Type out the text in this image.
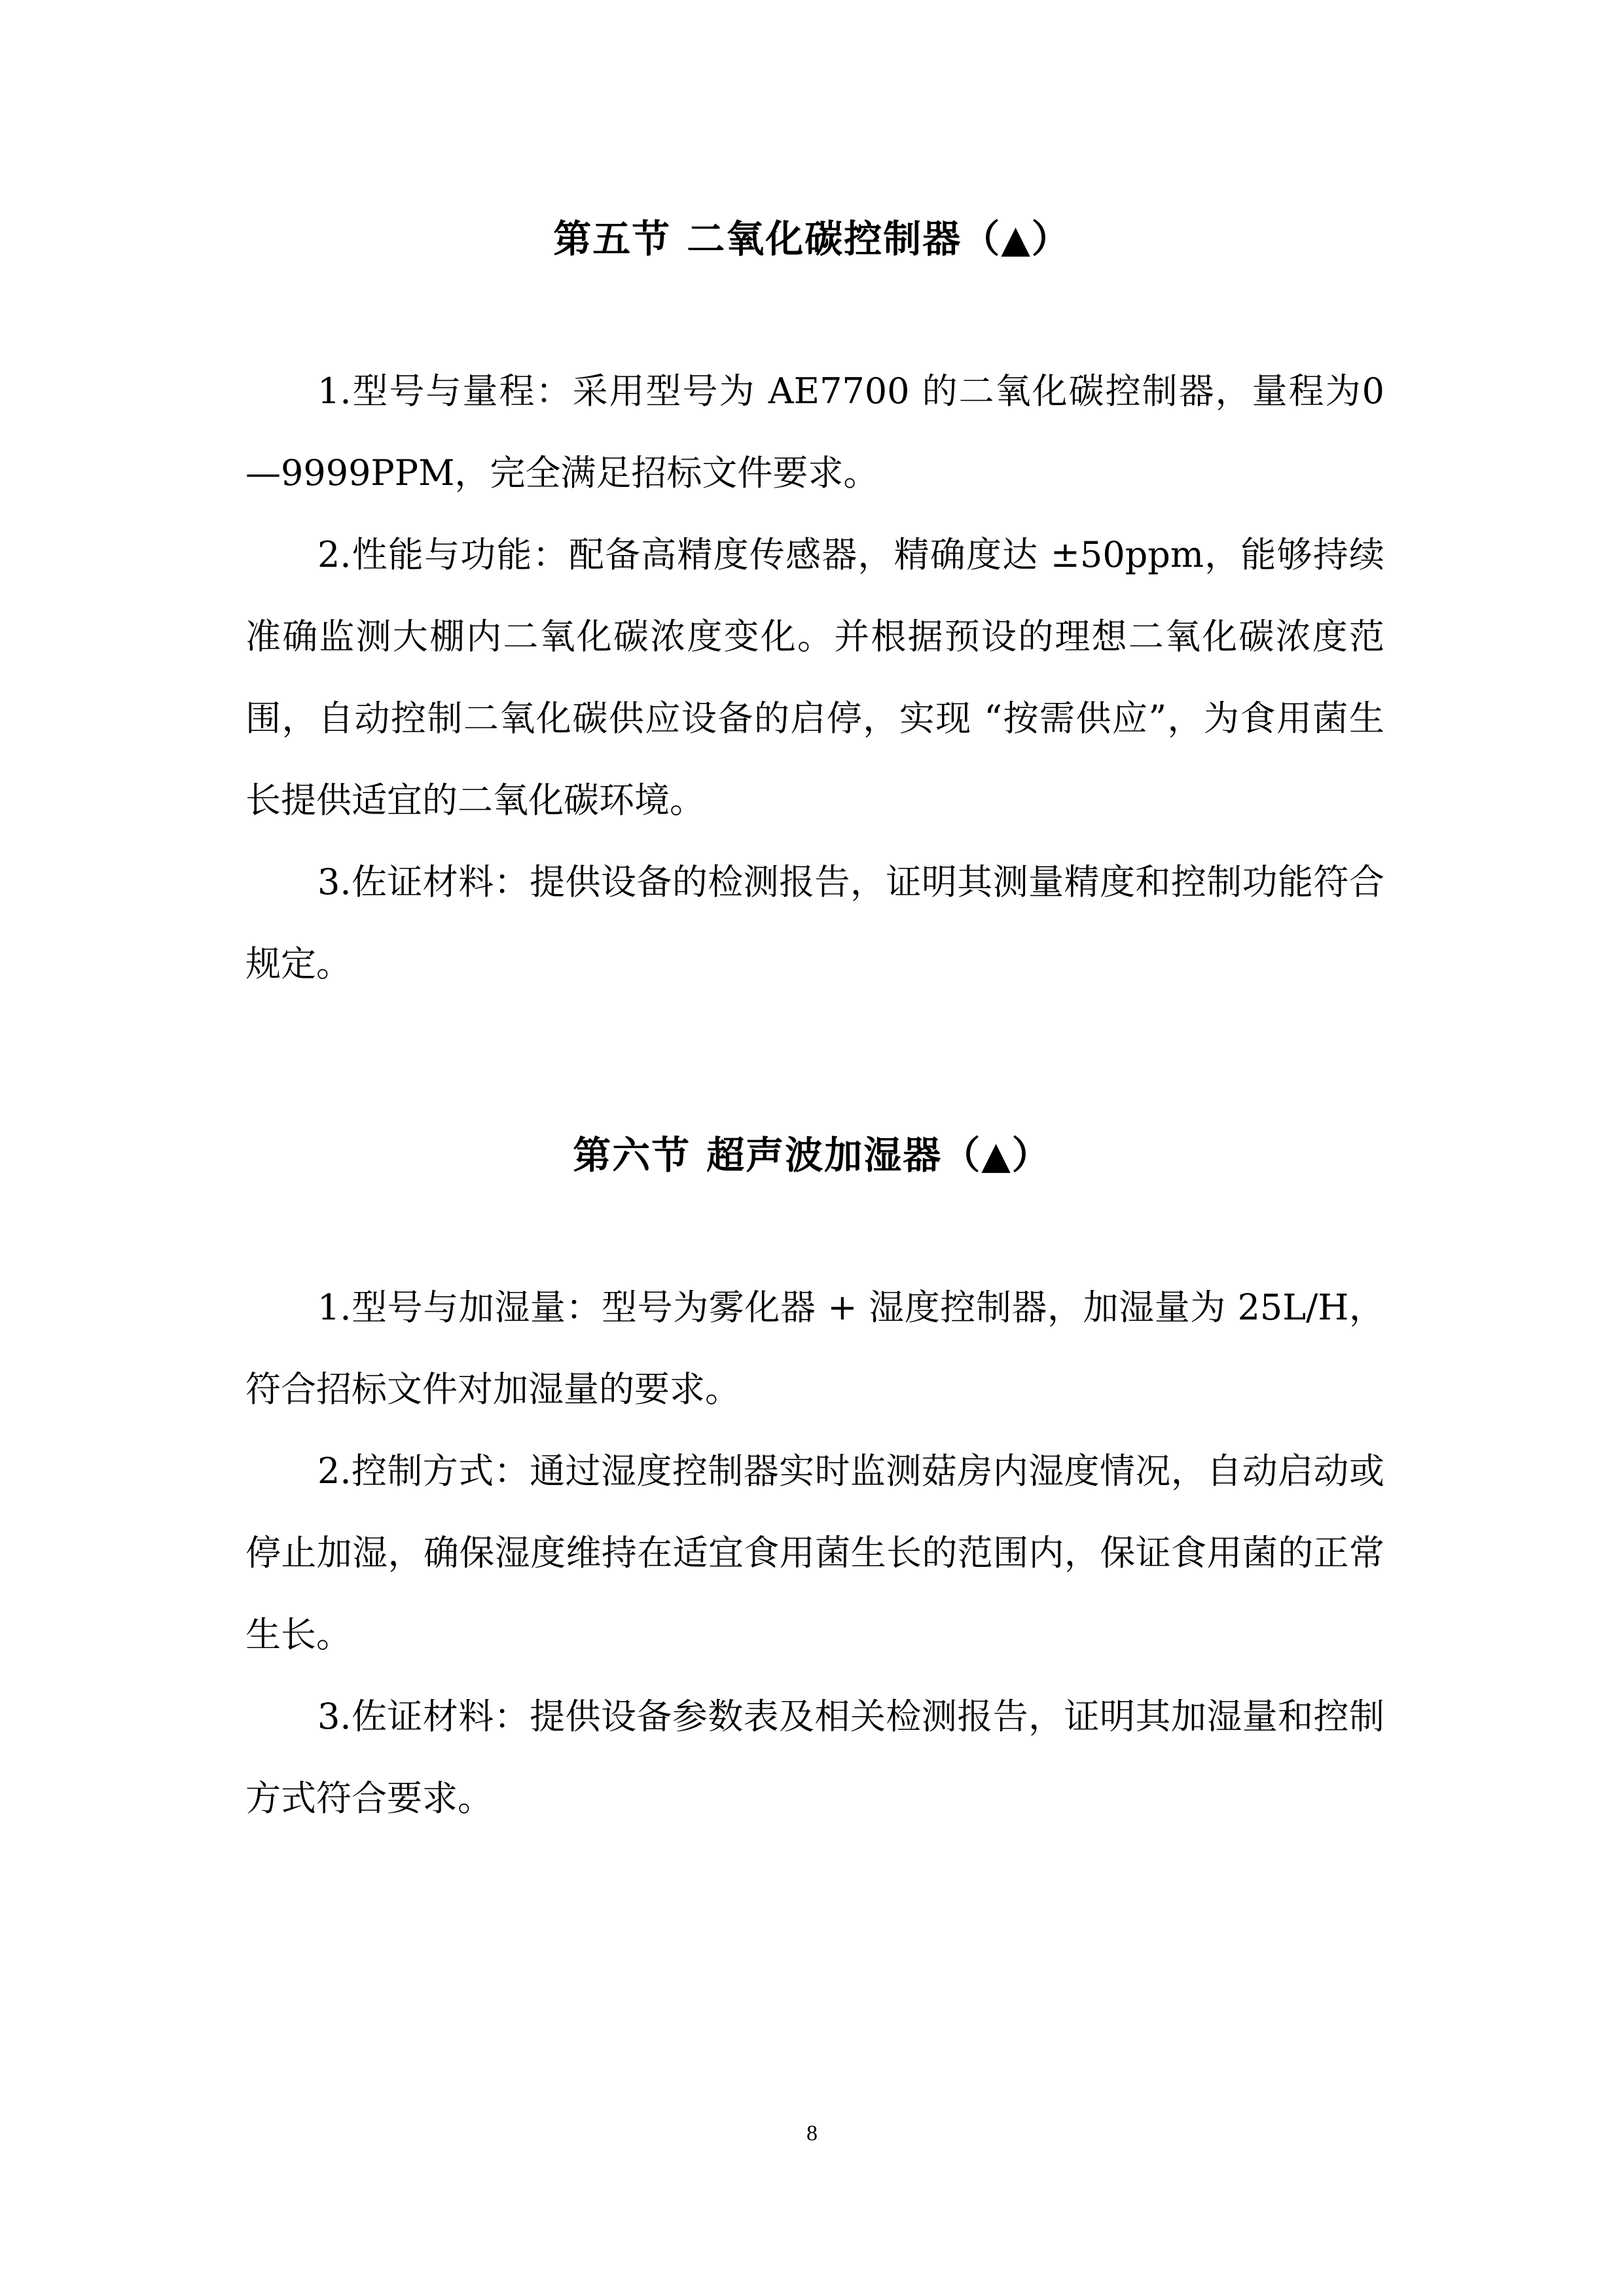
第五节 二氧化碳控制器（▲）

1.型号与量程：采用型号为 AE7700 的二氧化碳控制器，量程为0—9999PPM，完全满足招标文件要求。

2.性能与功能：配备高精度传感器，精确度达 ±50ppm，能够持续准确监测大棚内二氧化碳浓度变化。并根据预设的理想二氧化碳浓度范围，自动控制二氧化碳供应设备的启停，实现 “按需供应”，为食用菌生长提供适宜的二氧化碳环境。

3.佐证材料：提供设备的检测报告，证明其测量精度和控制功能符合规定。

第六节 超声波加湿器（▲）

1.型号与加湿量：型号为雾化器 + 湿度控制器，加湿量为 25L/H，符合招标文件对加湿量的要求。

2.控制方式：通过湿度控制器实时监测菇房内湿度情况，自动启动或停止加湿，确保湿度维持在适宜食用菌生长的范围内，保证食用菌的正常生长。

3.佐证材料：提供设备参数表及相关检测报告，证明其加湿量和控制方式符合要求。

8
